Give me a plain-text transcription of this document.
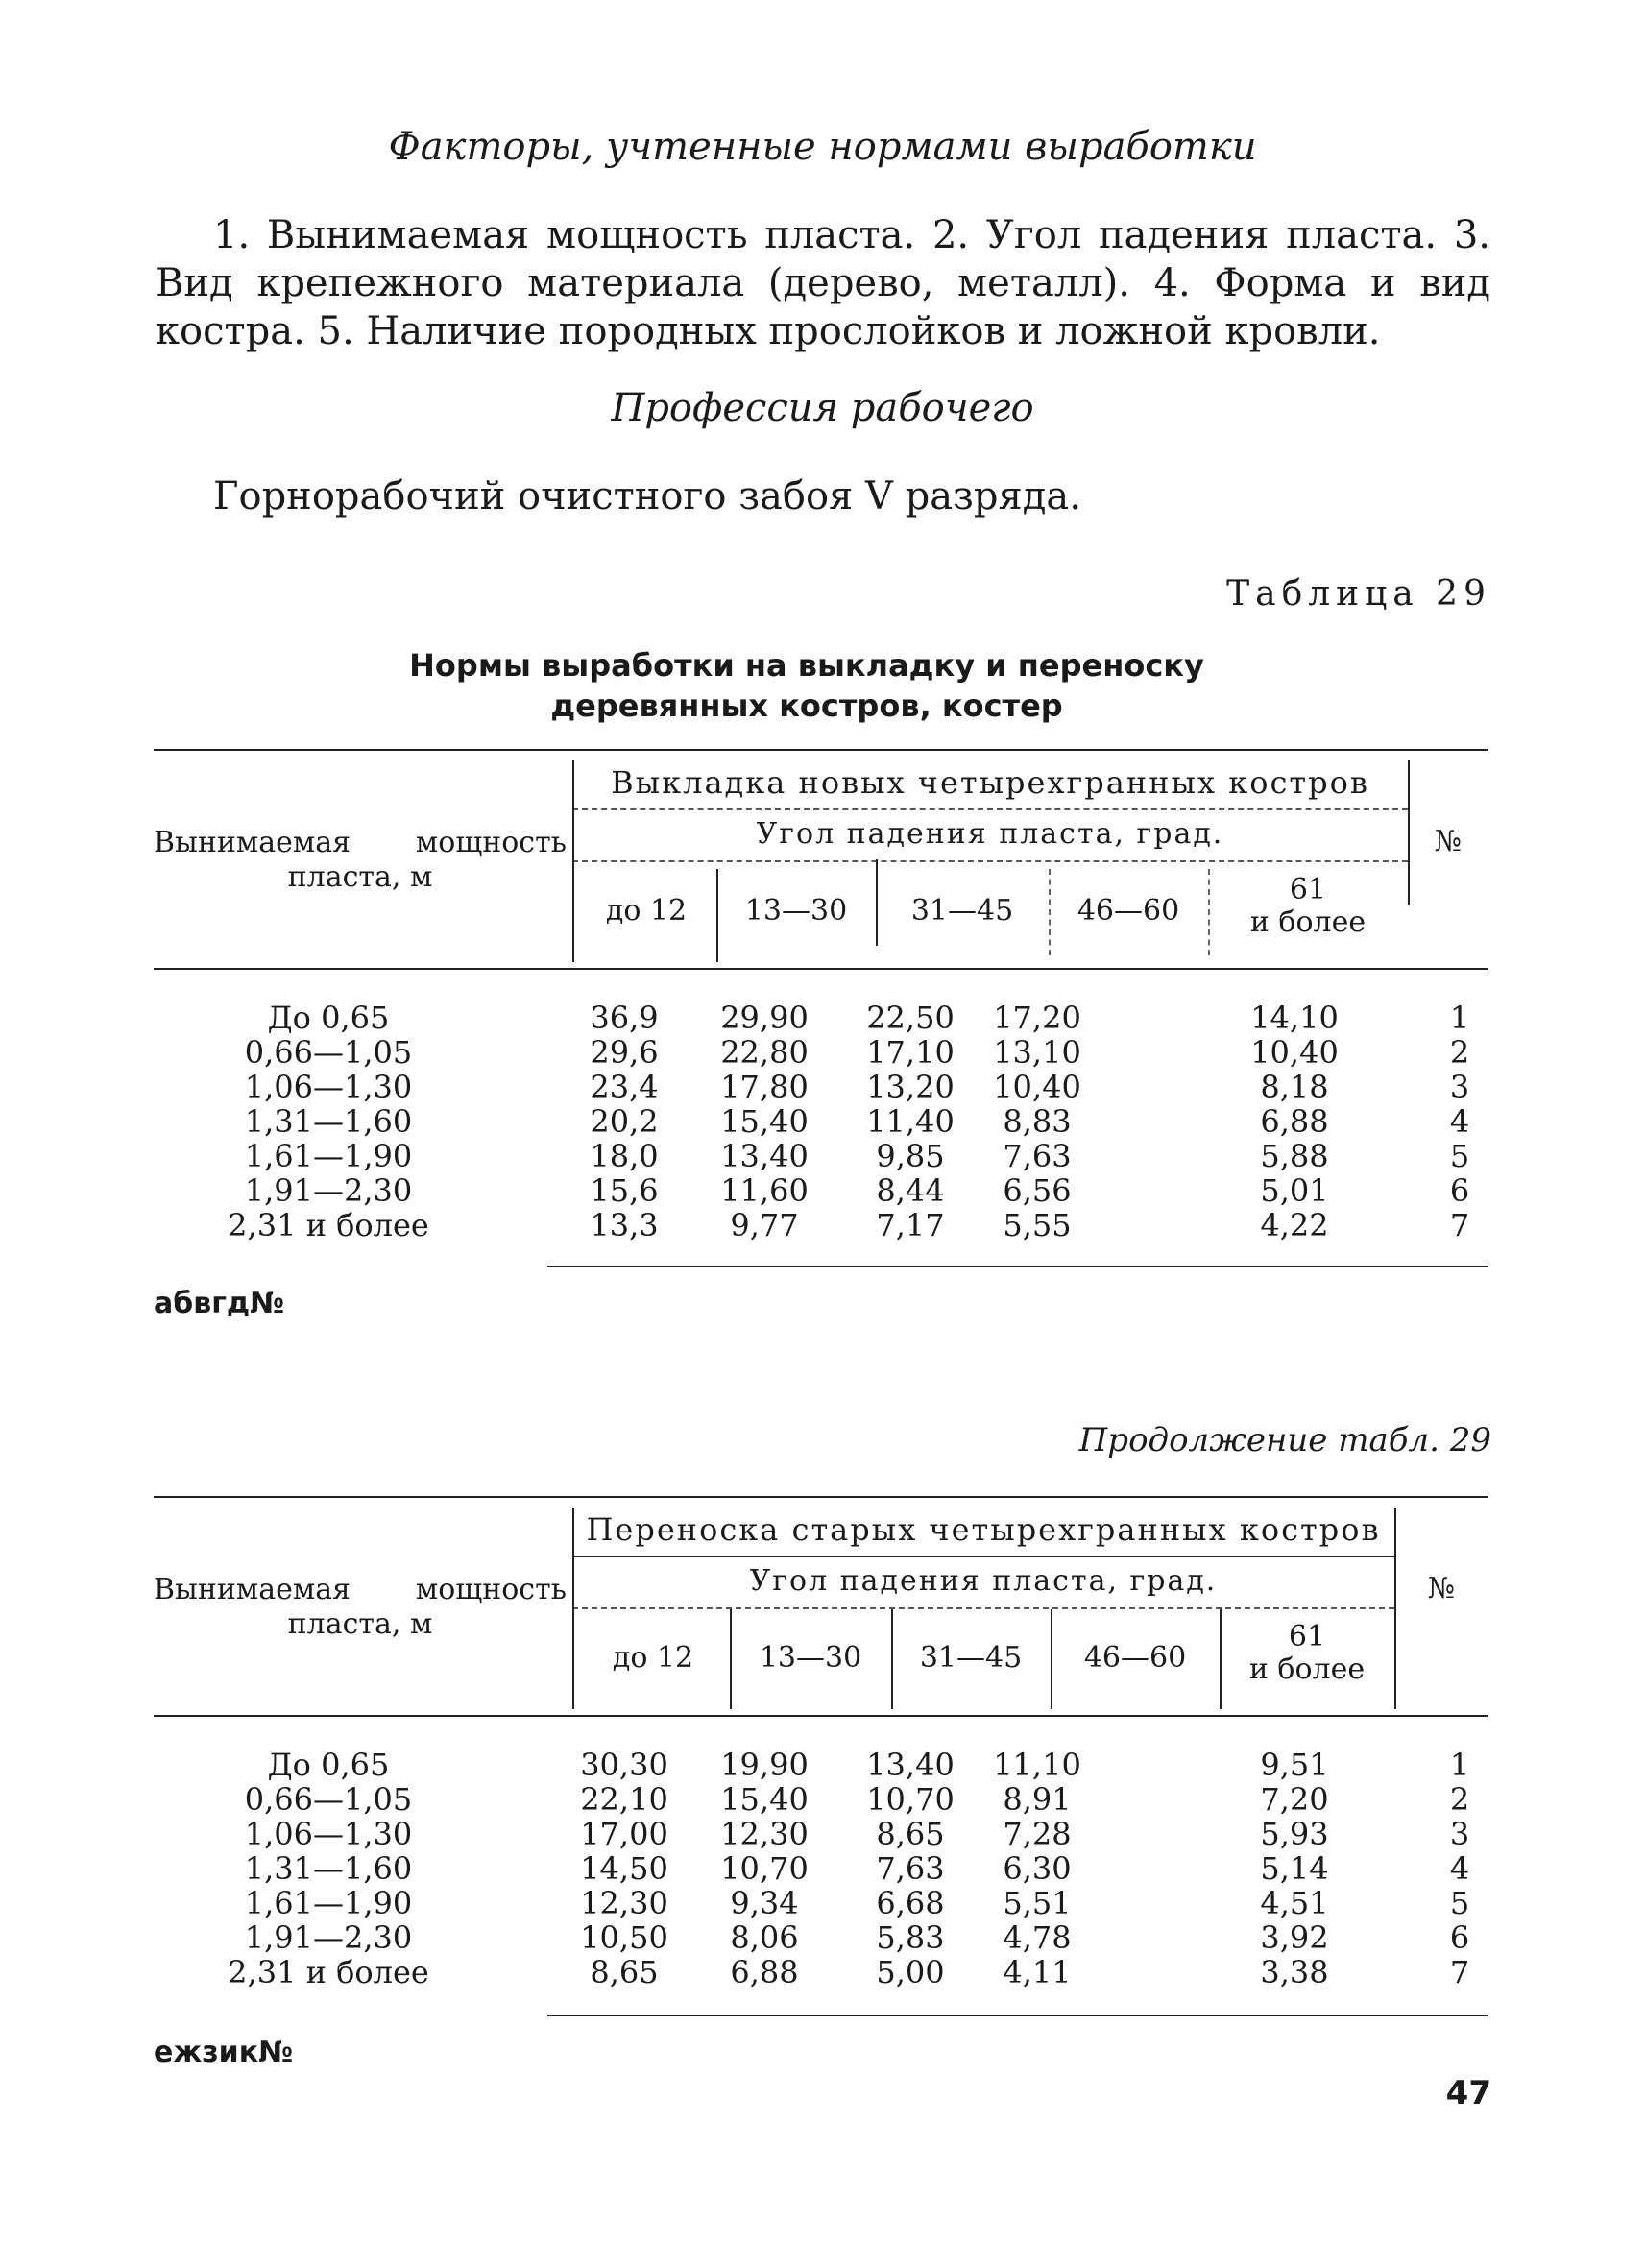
Факторы, учтенные нормами выработки
1. Вынимаемая мощность пласта. 2. Угол падения пласта. 3. Вид крепежного материала (дерево, металл). 4. Форма и вид костра. 5. Наличие породных прослойков и ложной кровли.
Профессия рабочего
Горнорабочий очистного забоя V разряда.
Таблица 29
Нормы выработки на выкладку и переноску
деревянных костров, костер
Вынимаемая мощность
пласта, м
Выкладка новых четырехгранных костров
Угол падения пласта, град.
до 12	13—30	31—45	46—60
61
и более
№
До 0,65	36,9	29,90	22,50	17,20	14,10	1
0,66—1,05	29,6	22,80	17,10	13,10	10,40	2
1,06—1,30	23,4	17,80	13,20	10,40	8,18	3
1,31—1,60	20,2	15,40	11,40	8,83	6,88	4
1,61—1,90	18,0	13,40	9,85	7,63	5,88	5
1,91—2,30	15,6	11,60	8,44	6,56	5,01	6
2,31 и более	13,3	9,77	7,17	5,55	4,22	7
абвгд№
Продолжение табл. 29
Вынимаемая мощность
пласта, м
Переноска старых четырехгранных костров
Угол падения пласта, град.
до 12	13—30	31—45	46—60
61
и более
№
До 0,65	30,30	19,90	13,40	11,10	9,51	1
0,66—1,05	22,10	15,40	10,70	8,91	7,20	2
1,06—1,30	17,00	12,30	8,65	7,28	5,93	3
1,31—1,60	14,50	10,70	7,63	6,30	5,14	4
1,61—1,90	12,30	9,34	6,68	5,51	4,51	5
1,91—2,30	10,50	8,06	5,83	4,78	3,92	6
2,31 и более	8,65	6,88	5,00	4,11	3,38	7
ежзик№
47
